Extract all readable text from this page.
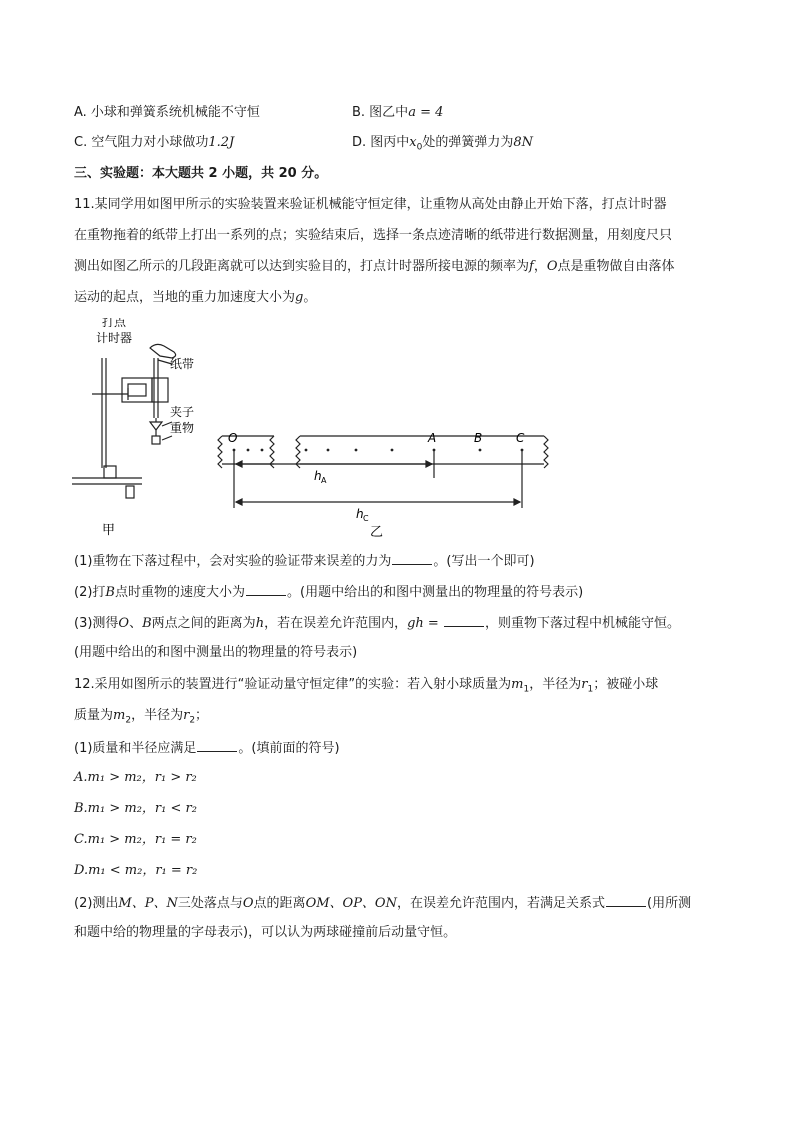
A. 小球和弹簧系统机械能不守恒	B. 图乙中a = 4
C. 空气阻力对小球做功1.2J	D. 图丙中$x_0$处的弹簧弹力为8N
三、实验题：本大题共 2 小题，共 20 分。
11.某同学用如图甲所示的实验装置来验证机械能守恒定律，让重物从高处由静止开始下落，打点计时器
在重物拖着的纸带上打出一系列的点；实验结束后，选择一条点迹清晰的纸带进行数据测量，用刻度尺只
测出如图乙所示的几段距离就可以达到实验目的，打点计时器所接电源的频率为f，O点是重物做自由落体
运动的起点，当地的重力加速度大小为g。
打点
计时器
纸带
夹子
重物
O	A	B	C
h A
h C
甲	乙
(1)重物在下落过程中，会对实验的验证带来误差的力为	。(写出一个即可)
(2)打B点时重物的速度大小为	。(用题中给出的和图中测量出的物理量的符号表示)
(3)测得O、B两点之间的距离为h，若在误差允许范围内，gh =	，则重物下落过程中机械能守恒。
(用题中给出的和图中测量出的物理量的符号表示)
12.采用如图所示的装置进行“验证动量守恒定律”的实验：若入射小球质量为$m_1$，半径为$r_1$；被碰小球
质量为$m_2$，半径为$r_2$；
(1)质量和半径应满足	。(填前面的符号)
A.m₁ > m₂，r₁ > r₂
B.m₁ > m₂，r₁ < r₂
C.m₁ > m₂，r₁ = r₂
D.m₁ < m₂，r₁ = r₂
(2)测出M、P、N三处落点与O点的距离OM、OP、ON，在误差允许范围内，若满足关系式	(用所测
和题中给的物理量的字母表示)，可以认为两球碰撞前后动量守恒。
